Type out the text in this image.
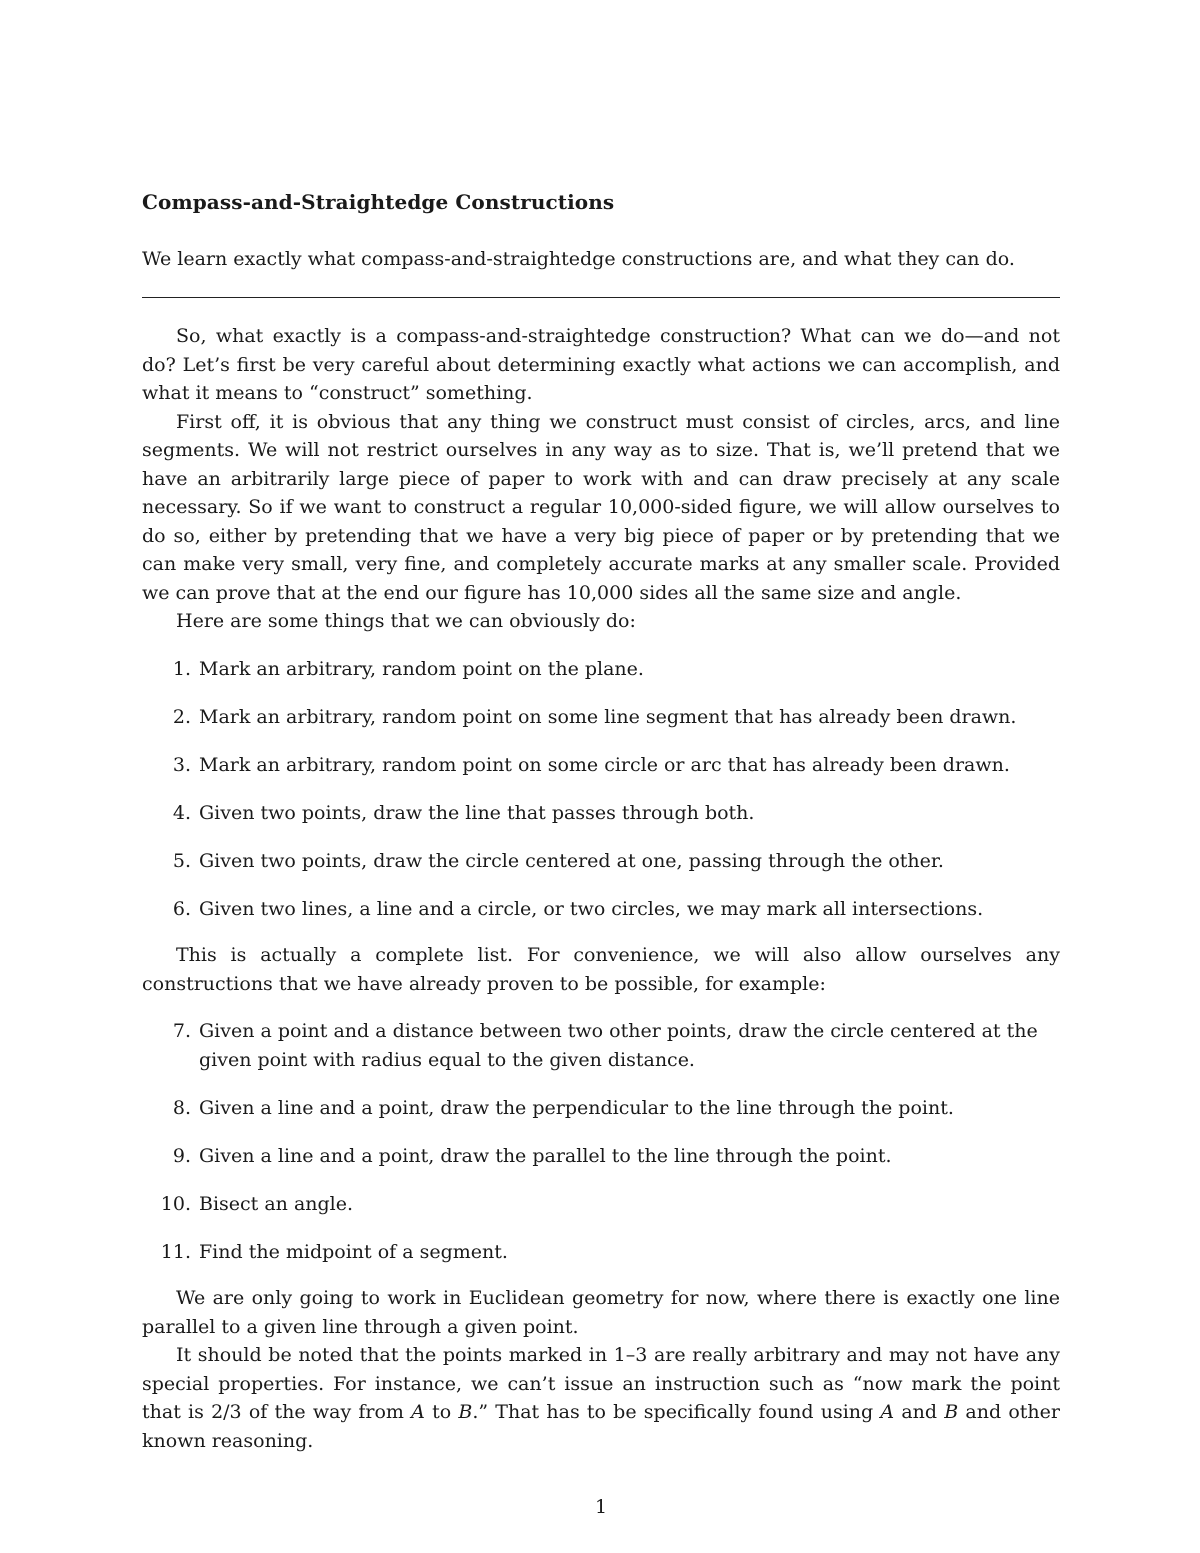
Compass-and-Straightedge Constructions
We learn exactly what compass-and-straightedge constructions are, and what they can do.

So, what exactly is a compass-and-straightedge construction? What can we do—and not do? Let’s first be very careful about determining exactly what actions we can accomplish, and what it means to “construct” something.

First off, it is obvious that any thing we construct must consist of circles, arcs, and line segments. We will not restrict ourselves in any way as to size. That is, we’ll pretend that we have an arbitrarily large piece of paper to work with and can draw precisely at any scale necessary. So if we want to construct a regular 10,000-sided figure, we will allow ourselves to do so, either by pretending that we have a very big piece of paper or by pretending that we can make very small, very fine, and completely accurate marks at any smaller scale. Provided we can prove that at the end our figure has 10,000 sides all the same size and angle.

Here are some things that we can obviously do:

1. Mark an arbitrary, random point on the plane.
2. Mark an arbitrary, random point on some line segment that has already been drawn.
3. Mark an arbitrary, random point on some circle or arc that has already been drawn.
4. Given two points, draw the line that passes through both.
5. Given two points, draw the circle centered at one, passing through the other.
6. Given two lines, a line and a circle, or two circles, we may mark all intersections.

This is actually a complete list. For convenience, we will also allow ourselves any constructions that we have already proven to be possible, for example:

7. Given a point and a distance between two other points, draw the circle centered at the given point with radius equal to the given distance.
8. Given a line and a point, draw the perpendicular to the line through the point.
9. Given a line and a point, draw the parallel to the line through the point.
10. Bisect an angle.
11. Find the midpoint of a segment.

We are only going to work in Euclidean geometry for now, where there is exactly one line parallel to a given line through a given point.

It should be noted that the points marked in 1–3 are really arbitrary and may not have any special properties. For instance, we can’t issue an instruction such as “now mark the point that is 2/3 of the way from A to B.” That has to be specifically found using A and B and other known reasoning.

1
